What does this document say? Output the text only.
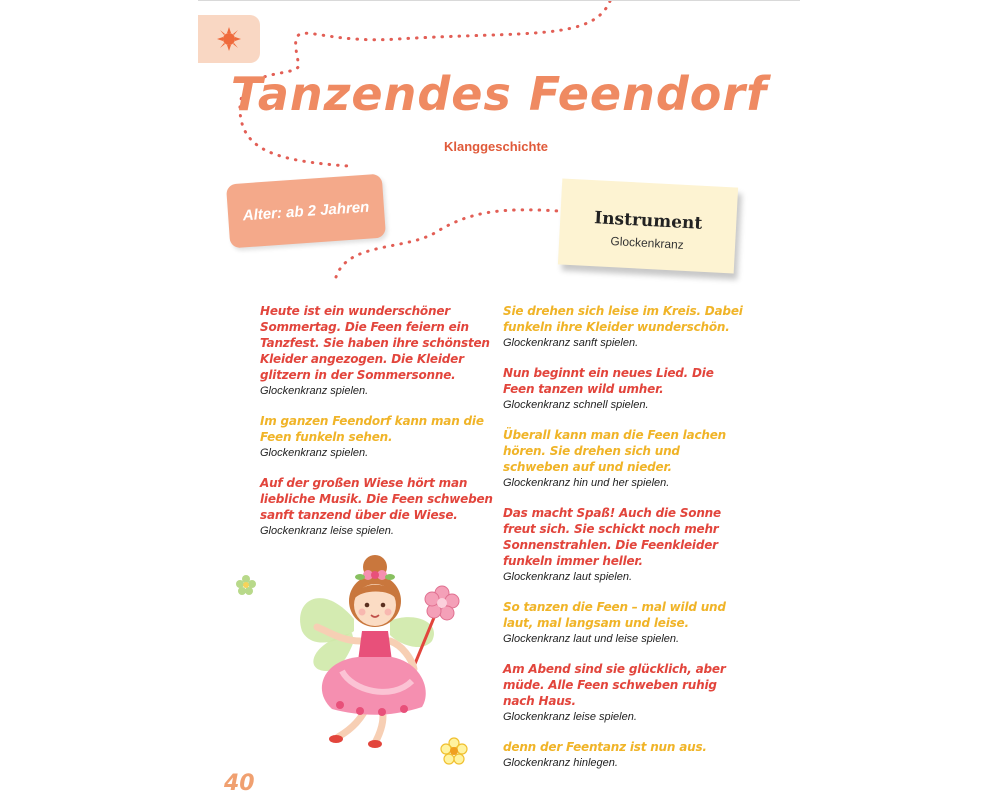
Tanzendes Feendorf
Klanggeschichte
Alter: ab 2 Jahren	Instrument
Glockenkranz
Heute ist ein wunderschöner Sommertag. Die Feen feiern ein Tanzfest. Sie haben ihre schönsten Kleider angezogen. Die Kleider glitzern in der Sommersonne.
Glockenkranz spielen.
Im ganzen Feendorf kann man die Feen funkeln sehen.
Glockenkranz spielen.
Auf der großen Wiese hört man liebliche Musik. Die Feen schweben sanft tanzend über die Wiese.
Glockenkranz leise spielen.
Sie drehen sich leise im Kreis. Dabei funkeln ihre Kleider wunderschön.
Glockenkranz sanft spielen.
Nun beginnt ein neues Lied. Die Feen tanzen wild umher.
Glockenkranz schnell spielen.
Überall kann man die Feen lachen hören. Sie drehen sich und schweben auf und nieder.
Glockenkranz hin und her spielen.
Das macht Spaß! Auch die Sonne freut sich. Sie schickt noch mehr Sonnenstrahlen. Die Feenkleider funkeln immer heller.
Glockenkranz laut spielen.
So tanzen die Feen – mal wild und laut, mal langsam und leise.
Glockenkranz laut und leise spielen.
Am Abend sind sie glücklich, aber müde. Alle Feen schweben ruhig nach Haus.
Glockenkranz leise spielen.
denn der Feentanz ist nun aus.
Glockenkranz hinlegen.
40
